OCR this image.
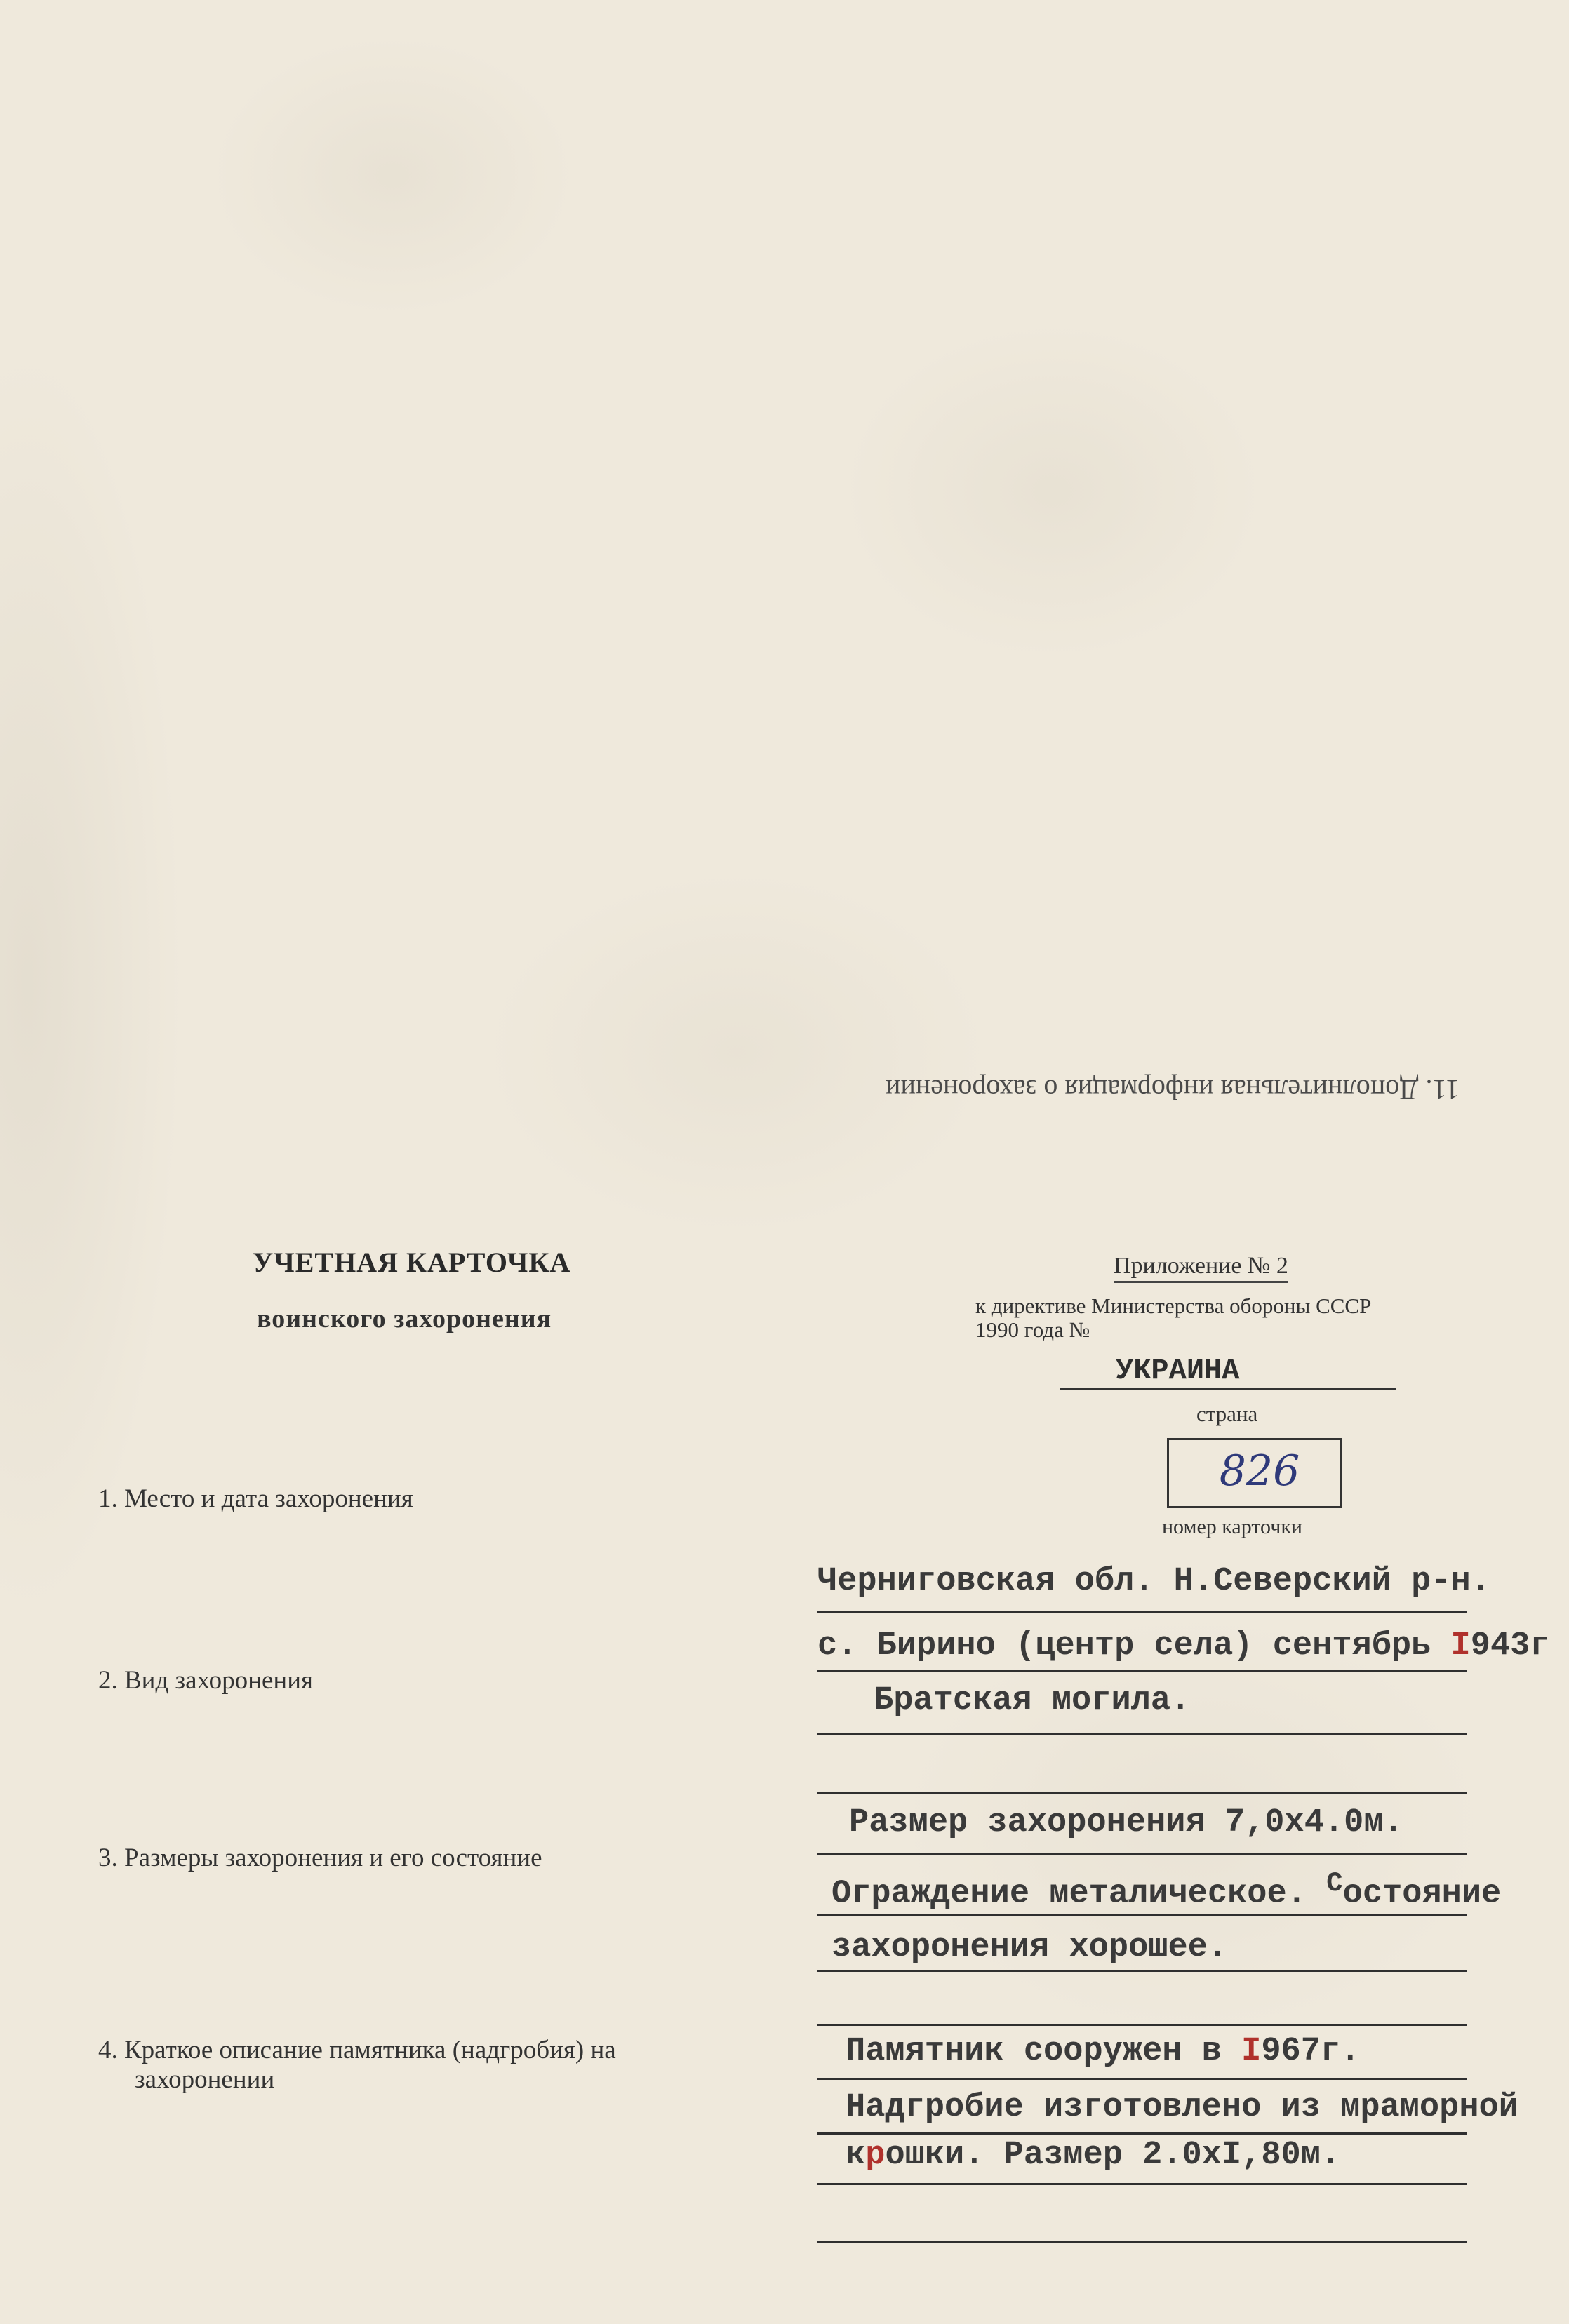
11. Дополнительная информация о захоронении
УЧЕТНАЯ КАРТОЧКА
воинского захоронения
Приложение № 2
к директиве Министерства обороны СССР
1990 года №
УКРАИНА
страна
826
номер карточки
1. Место и дата захоронения
Черниговская обл. Н.Северский р-н.
с. Бирино (центр села) сентябрь I943г
2. Вид захоронения
Братская могила.
3. Размеры захоронения и его состояние
Размер захоронения 7,0х4.0м.
Ограждение металическое. $^С$остояние
захоронения хорошее.
4. Краткое описание памятника (надгробия) на
захоронении
Памятник сооружен в I967г.
Надгробие изготовлено из мраморной
крошки. Размер 2.0хI,80м.
